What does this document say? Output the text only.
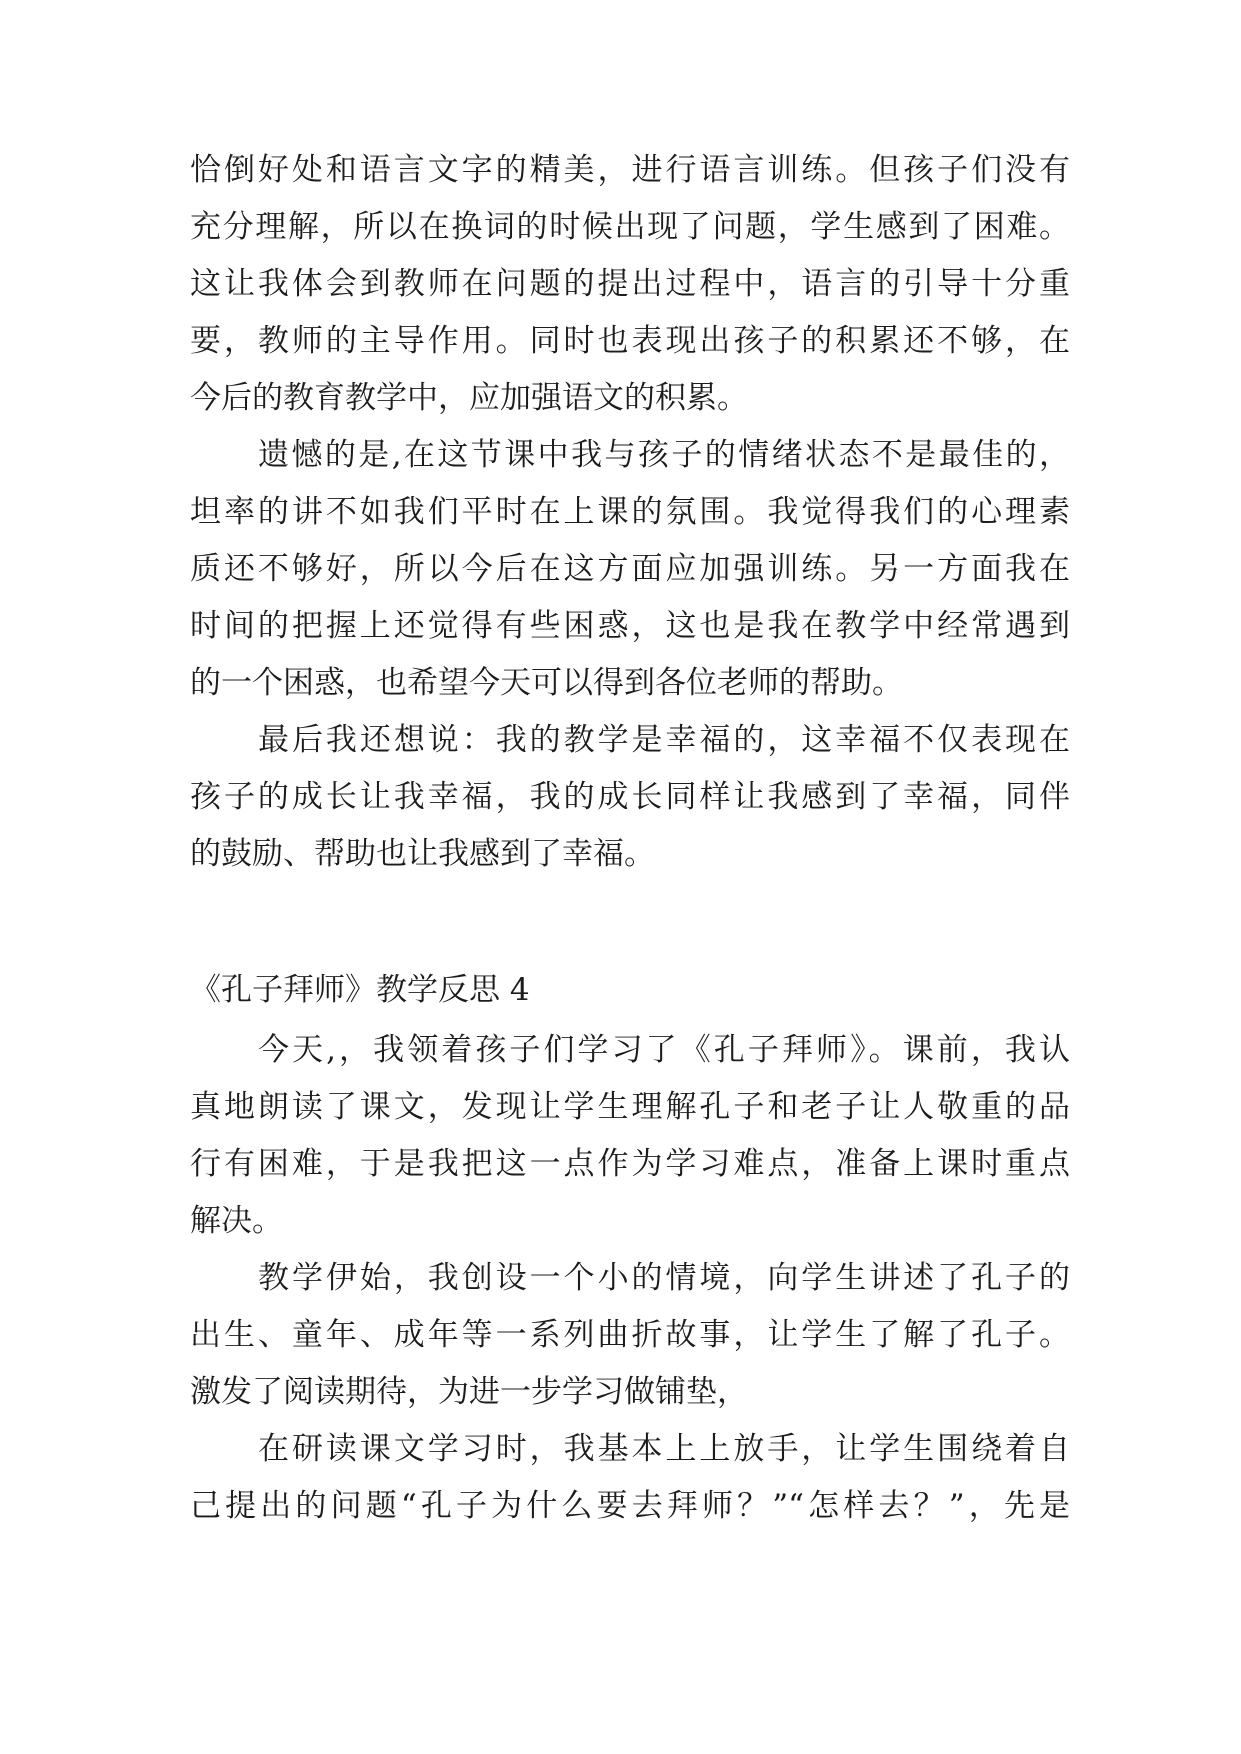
恰倒好处和语言文字的精美，进行语言训练。但孩子们没有
充分理解，所以在换词的时候出现了问题，学生感到了困难。
这让我体会到教师在问题的提出过程中，语言的引导十分重
要，教师的主导作用。同时也表现出孩子的积累还不够，在
今后的教育教学中，应加强语文的积累。
遗憾的是,在这节课中我与孩子的情绪状态不是最佳的，
坦率的讲不如我们平时在上课的氛围。我觉得我们的心理素
质还不够好，所以今后在这方面应加强训练。另一方面我在
时间的把握上还觉得有些困惑，这也是我在教学中经常遇到
的一个困惑，也希望今天可以得到各位老师的帮助。
最后我还想说：我的教学是幸福的，这幸福不仅表现在
孩子的成长让我幸福，我的成长同样让我感到了幸福，同伴
的鼓励、帮助也让我感到了幸福。
《孔子拜师》教学反思 4
今天,，我领着孩子们学习了《孔子拜师》。课前，我认
真地朗读了课文，发现让学生理解孔子和老子让人敬重的品
行有困难，于是我把这一点作为学习难点，准备上课时重点
解决。
教学伊始，我创设一个小的情境，向学生讲述了孔子的
出生、童年、成年等一系列曲折故事，让学生了解了孔子。
激发了阅读期待，为进一步学习做铺垫，
在研读课文学习时，我基本上上放手，让学生围绕着自
己提出的问题“孔子为什么要去拜师？”“怎样去？”，先是
